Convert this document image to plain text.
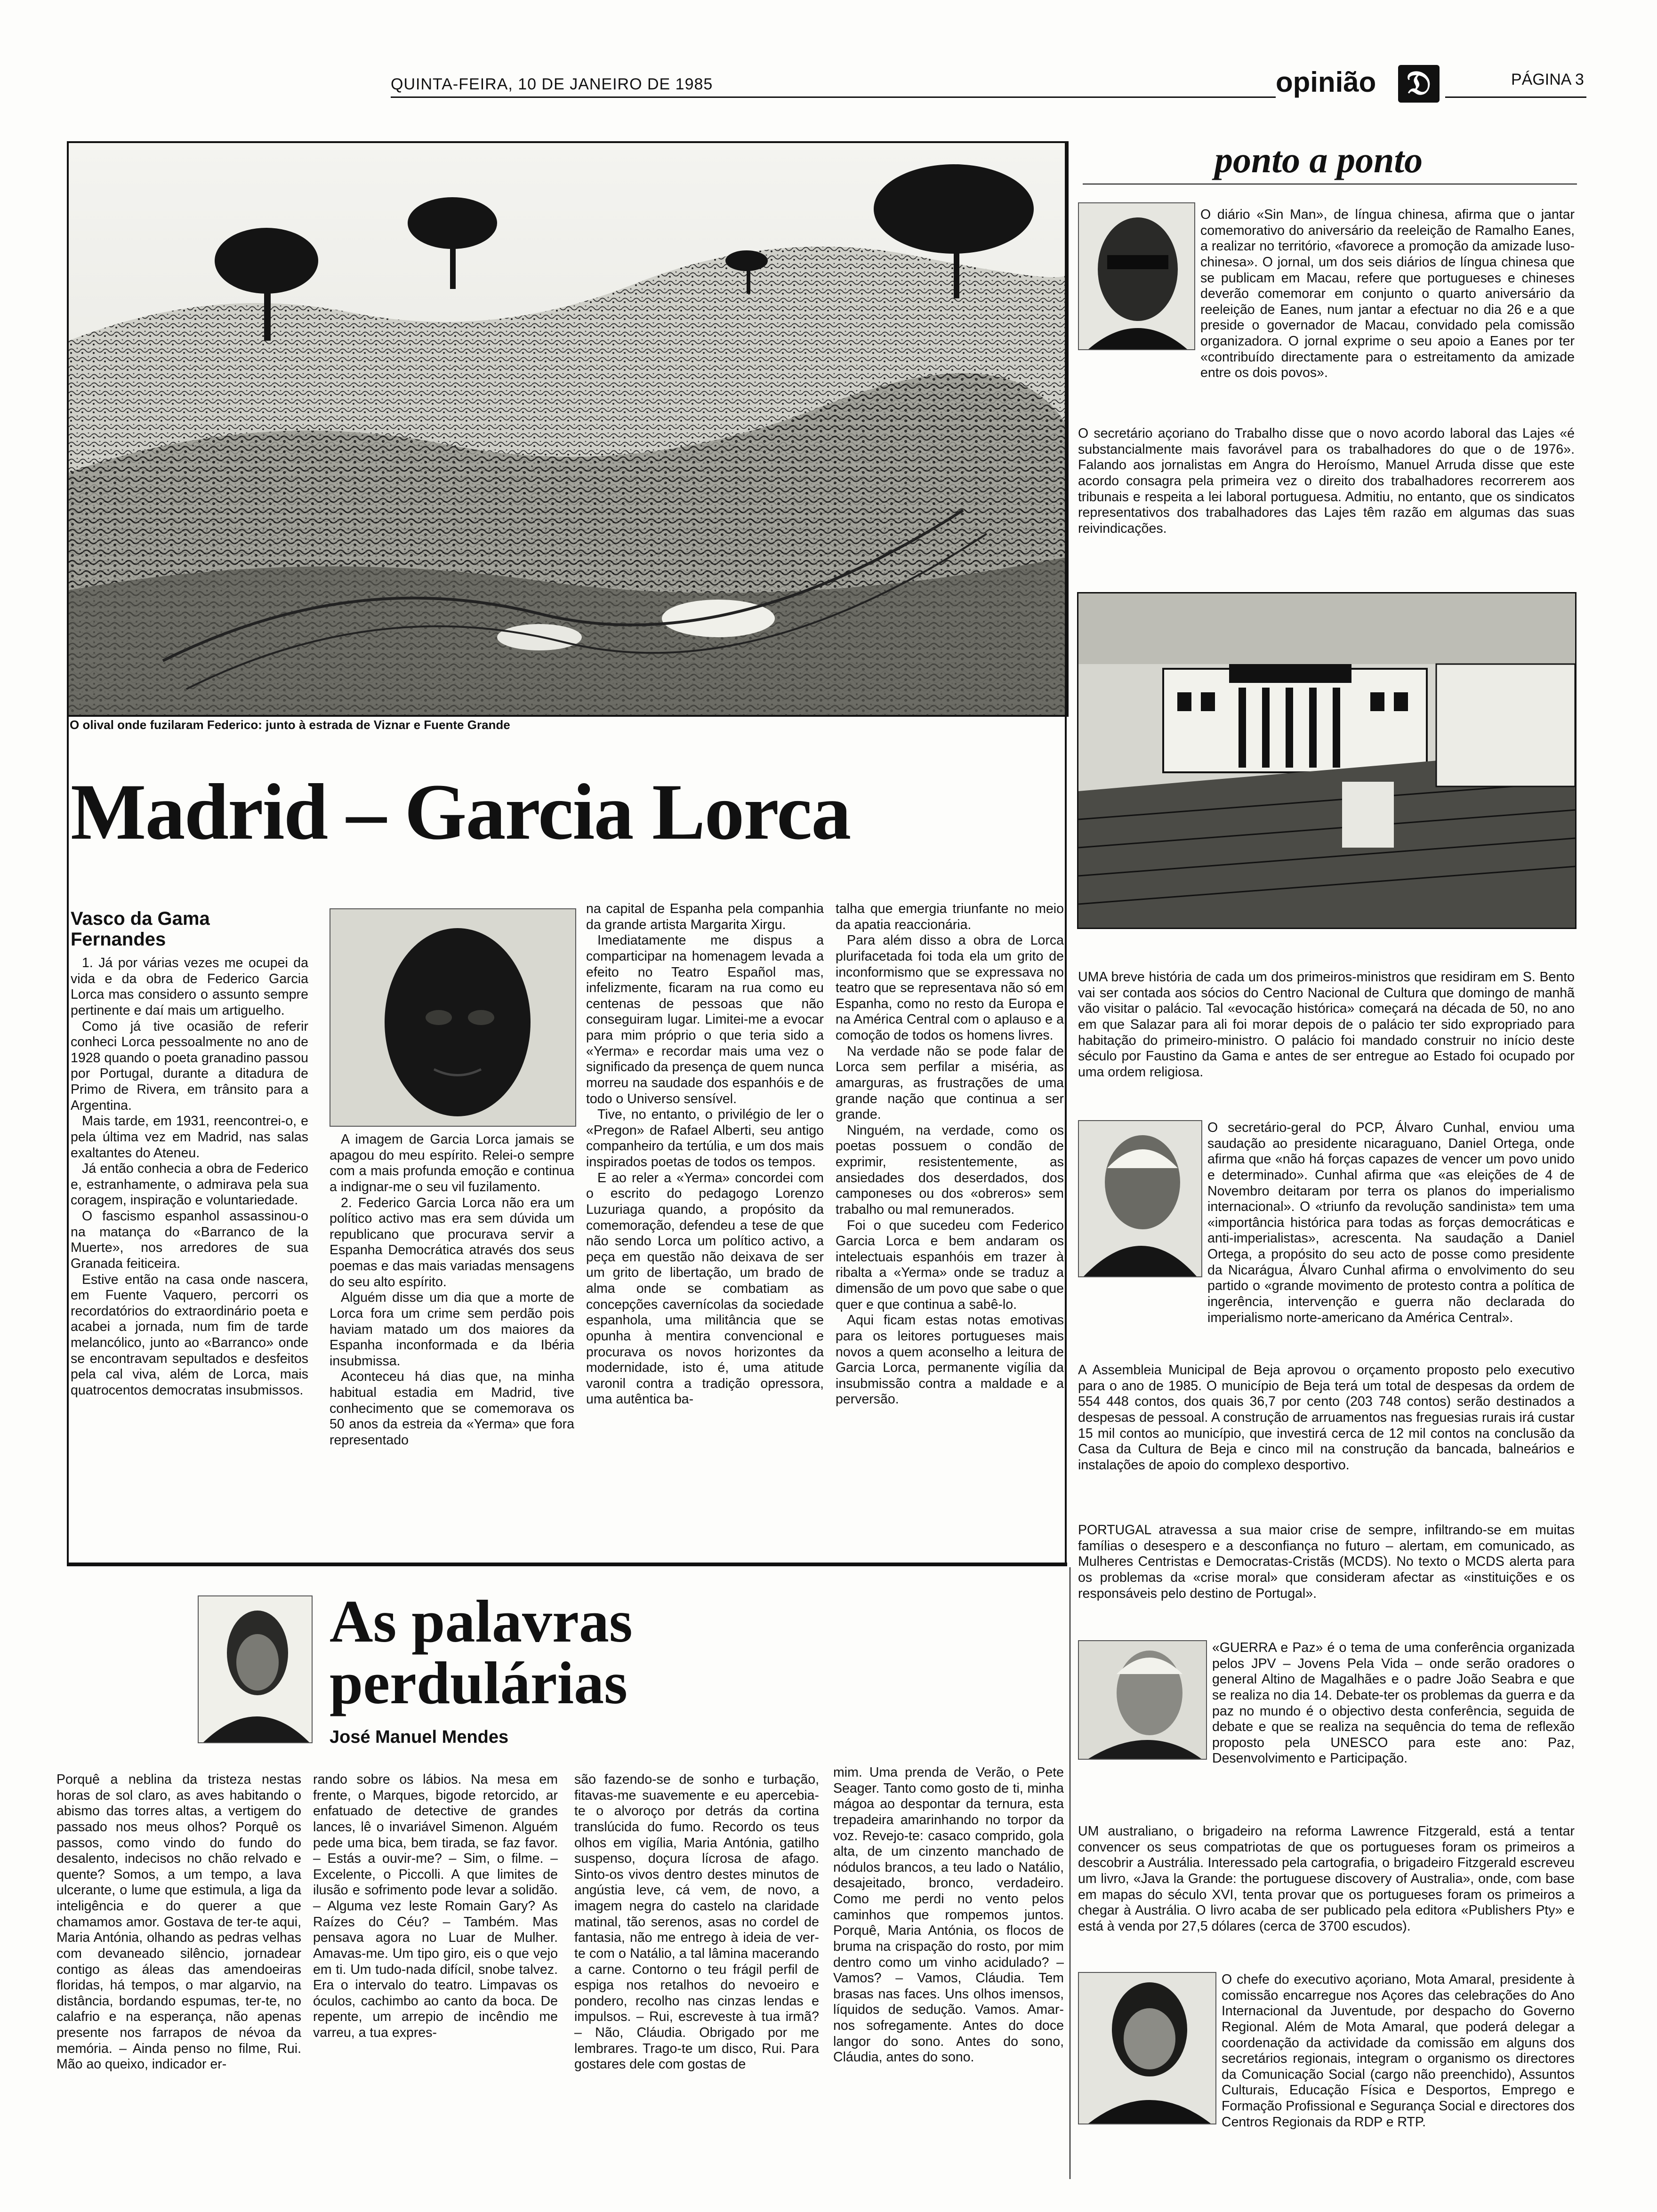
QUINTA-FEIRA, 10 DE JANEIRO DE 1985	opinião 𝔇	PÁGINA 3
O olival onde fuzilaram Federico: junto à estrada de Viznar e Fuente Grande
Madrid – Garcia Lorca
Vasco da Gama Fernandes

1. Já por várias vezes me ocupei da vida e da obra de Federico Garcia Lorca mas considero o assunto sempre pertinente e daí mais um artiguelho.

Como já tive ocasião de referir conheci Lorca pessoalmente no ano de 1928 quando o poeta granadino passou por Portugal, durante a ditadura de Primo de Rivera, em trânsito para a Argentina.

Mais tarde, em 1931, reencontrei-o, e pela última vez em Madrid, nas salas exaltantes do Ateneu.

Já então conhecia a obra de Federico e, estranhamente, o admirava pela sua coragem, inspiração e voluntariedade.

O fascismo espanhol assassinou-o na matança do «Barranco de la Muerte», nos arredores de sua Granada feiticeira.

Estive então na casa onde nascera, em Fuente Vaquero, percorri os recordatórios do extraordinário poeta e acabei a jornada, num fim de tarde melancólico, junto ao «Barranco» onde se encontravam sepultados e desfeitos pela cal viva, além de Lorca, mais quatrocentos democratas insubmissos.

A imagem de Garcia Lorca jamais se apagou do meu espírito. Relei-o sempre com a mais profunda emoção e continua a indignar-me o seu vil fuzilamento.

2. Federico Garcia Lorca não era um político activo mas era sem dúvida um republicano que procurava servir a Espanha Democrática através dos seus poemas e das mais variadas mensagens do seu alto espírito.

Alguém disse um dia que a morte de Lorca fora um crime sem perdão pois haviam matado um dos maiores da Espanha inconformada e da Ibéria insubmissa.

Aconteceu há dias que, na minha habitual estadia em Madrid, tive conhecimento que se comemorava os 50 anos da estreia da «Yerma» que fora representado

na capital de Espanha pela companhia da grande artista Margarita Xirgu.

Imediatamente me dispus a comparticipar na homenagem levada a efeito no Teatro Español mas, infelizmente, ficaram na rua como eu centenas de pessoas que não conseguiram lugar. Limitei-me a evocar para mim próprio o que teria sido a «Yerma» e recordar mais uma vez o significado da presença de quem nunca morreu na saudade dos espanhóis e de todo o Universo sensível.

Tive, no entanto, o privilégio de ler o «Pregon» de Rafael Alberti, seu antigo companheiro da tertúlia, e um dos mais inspirados poetas de todos os tempos.

E ao reler a «Yerma» concordei com o escrito do pedagogo Lorenzo Luzuriaga quando, a propósito da comemoração, defendeu a tese de que não sendo Lorca um político activo, a peça em questão não deixava de ser um grito de libertação, um brado de alma onde se combatiam as concepções cavernícolas da sociedade espanhola, uma militância que se opunha à mentira convencional e procurava os novos horizontes da modernidade, isto é, uma atitude varonil contra a tradição opressora, uma autêntica ba-

talha que emergia triunfante no meio da apatia reaccionária.

Para além disso a obra de Lorca plurifacetada foi toda ela um grito de inconformismo que se expressava no teatro que se representava não só em Espanha, como no resto da Europa e na América Central com o aplauso e a comoção de todos os homens livres.

Na verdade não se pode falar de Lorca sem perfilar a miséria, as amarguras, as frustrações de uma grande nação que continua a ser grande.

Ninguém, na verdade, como os poetas possuem o condão de exprimir, resistentemente, as ansiedades dos deserdados, dos camponeses ou dos «obreros» sem trabalho ou mal remunerados.

Foi o que sucedeu com Federico Garcia Lorca e bem andaram os intelectuais espanhóis em trazer à ribalta a «Yerma» onde se traduz a dimensão de um povo que sabe o que quer e que continua a sabê-lo.

Aqui ficam estas notas emotivas para os leitores portugueses mais novos a quem aconselho a leitura de Garcia Lorca, permanente vigília da insubmissão contra a maldade e a perversão.

ponto a ponto
O diário «Sin Man», de língua chinesa, afirma que o jantar comemorativo do aniversário da reeleição de Ramalho Eanes, a realizar no território, «favorece a promoção da amizade luso-chinesa». O jornal, um dos seis diários de língua chinesa que se publicam em Macau, refere que portugueses e chineses deverão comemorar em conjunto o quarto aniversário da reeleição de Eanes, num jantar a efectuar no dia 26 e a que preside o governador de Macau, convidado pela comissão organizadora. O jornal exprime o seu apoio a Eanes por ter «contribuído directamente para o estreitamento da amizade entre os dois povos».
O secretário açoriano do Trabalho disse que o novo acordo laboral das Lajes «é substancialmente mais favorável para os trabalhadores do que o de 1976». Falando aos jornalistas em Angra do Heroísmo, Manuel Arruda disse que este acordo consagra pela primeira vez o direito dos trabalhadores recorrerem aos tribunais e respeita a lei laboral portuguesa. Admitiu, no entanto, que os sindicatos representativos dos trabalhadores das Lajes têm razão em algumas das suas reivindicações.
UMA breve história de cada um dos primeiros-ministros que residiram em S. Bento vai ser contada aos sócios do Centro Nacional de Cultura que domingo de manhã vão visitar o palácio. Tal «evocação histórica» começará na década de 50, no ano em que Salazar para ali foi morar depois de o palácio ter sido expropriado para habitação do primeiro-ministro. O palácio foi mandado construir no início deste século por Faustino da Gama e antes de ser entregue ao Estado foi ocupado por uma ordem religiosa.
O secretário-geral do PCP, Álvaro Cunhal, enviou uma saudação ao presidente nicaraguano, Daniel Ortega, onde afirma que «não há forças capazes de vencer um povo unido e determinado». Cunhal afirma que «as eleições de 4 de Novembro deitaram por terra os planos do imperialismo internacional». O «triunfo da revolução sandinista» tem uma «importância histórica para todas as forças democráticas e anti-imperialistas», acrescenta. Na saudação a Daniel Ortega, a propósito do seu acto de posse como presidente da Nicarágua, Álvaro Cunhal afirma o envolvimento do seu partido o «grande movimento de protesto contra a política de ingerência, intervenção e guerra não declarada do imperialismo norte-americano da América Central».
A Assembleia Municipal de Beja aprovou o orçamento proposto pelo executivo para o ano de 1985. O município de Beja terá um total de despesas da ordem de 554 448 contos, dos quais 36,7 por cento (203 748 contos) serão destinados a despesas de pessoal. A construção de arruamentos nas freguesias rurais irá custar 15 mil contos ao município, que investirá cerca de 12 mil contos na conclusão da Casa da Cultura de Beja e cinco mil na construção da bancada, balneários e instalações de apoio do complexo desportivo.
PORTUGAL atravessa a sua maior crise de sempre, infiltrando-se em muitas famílias o desespero e a desconfiança no futuro – alertam, em comunicado, as Mulheres Centristas e Democratas-Cristãs (MCDS). No texto o MCDS alerta para os problemas da «crise moral» que consideram afectar as «instituições e os responsáveis pelo destino de Portugal».
«GUERRA e Paz» é o tema de uma conferência organizada pelos JPV – Jovens Pela Vida – onde serão oradores o general Altino de Magalhães e o padre João Seabra e que se realiza no dia 14. Debate-ter os problemas da guerra e da paz no mundo é o objectivo desta conferência, seguida de debate e que se realiza na sequência do tema de reflexão proposto pela UNESCO para este ano: Paz, Desenvolvimento e Participação.
UM australiano, o brigadeiro na reforma Lawrence Fitzgerald, está a tentar convencer os seus compatriotas de que os portugueses foram os primeiros a descobrir a Austrália. Interessado pela cartografia, o brigadeiro Fitzgerald escreveu um livro, «Java la Grande: the portuguese discovery of Australia», onde, com base em mapas do século XVI, tenta provar que os portugueses foram os primeiros a chegar à Austrália. O livro acaba de ser publicado pela editora «Publishers Pty» e está à venda por 27,5 dólares (cerca de 3700 escudos).
O chefe do executivo açoriano, Mota Amaral, presidente à comissão encarregue nos Açores das celebrações do Ano Internacional da Juventude, por despacho do Governo Regional. Além de Mota Amaral, que poderá delegar a coordenação da actividade da comissão em alguns dos secretários regionais, integram o organismo os directores da Comunicação Social (cargo não preenchido), Assuntos Culturais, Educação Física e Desportos, Emprego e Formação Profissional e Segurança Social e directores dos Centros Regionais da RDP e RTP.
As palavras
perdulárias
José Manuel Mendes
Porquê a neblina da tristeza nestas horas de sol claro, as aves habitando o abismo das torres altas, a vertigem do passado nos meus olhos? Porquê os passos, como vindo do fundo do desalento, indecisos no chão relvado e quente? Somos, a um tempo, a lava ulcerante, o lume que estimula, a liga da inteligência e do querer a que chamamos amor. Gostava de ter-te aqui, Maria Antónia, olhando as pedras velhas com devaneado silêncio, jornadear contigo as áleas das amendoeiras floridas, há tempos, o mar algarvio, na distância, bordando espumas, ter-te, no calafrio e na esperança, não apenas presente nos farrapos de névoa da memória. – Ainda penso no filme, Rui. Mão ao queixo, indicador er-
rando sobre os lábios. Na mesa em frente, o Marques, bigode retorcido, ar enfatuado de detective de grandes lances, lê o invariável Simenon. Alguém pede uma bica, bem tirada, se faz favor. – Estás a ouvir-me? – Sim, o filme. – Excelente, o Piccolli. A que limites de ilusão e sofrimento pode levar a solidão. – Alguma vez leste Romain Gary? As Raízes do Céu? – Também. Mas pensava agora no Luar de Mulher. Amavas-me. Um tipo giro, eis o que vejo em ti. Um tudo-nada difícil, snobe talvez. Era o intervalo do teatro. Limpavas os óculos, cachimbo ao canto da boca. De repente, um arrepio de incêndio me varreu, a tua expres-
são fazendo-se de sonho e turbação, fitavas-me suavemente e eu apercebia-te o alvoroço por detrás da cortina translúcida do fumo. Recordo os teus olhos em vigília, Maria Antónia, gatilho suspenso, doçura lícrosa de afago. Sinto-os vivos dentro destes minutos de angústia leve, cá vem, de novo, a imagem negra do castelo na claridade matinal, tão serenos, asas no cordel de fantasia, não me entrego à ideia de ver-te com o Natálio, a tal lâmina macerando a carne. Contorno o teu frágil perfil de espiga nos retalhos do nevoeiro e pondero, recolho nas cinzas lendas e impulsos. – Rui, escreveste à tua irmã? – Não, Cláudia. Obrigado por me lembrares. Trago-te um disco, Rui. Para gostares dele com gostas de
mim. Uma prenda de Verão, o Pete Seager. Tanto como gosto de ti, minha mágoa ao despontar da ternura, esta trepadeira amarinhando no torpor da voz. Revejo-te: casaco comprido, gola alta, de um cinzento manchado de nódulos brancos, a teu lado o Natálio, desajeitado, bronco, verdadeiro. Como me perdi no vento pelos caminhos que rompemos juntos. Porquê, Maria Antónia, os flocos de bruma na crispação do rosto, por mim dentro como um vinho acidulado? – Vamos? – Vamos, Cláudia. Tem brasas nas faces. Uns olhos imensos, líquidos de sedução. Vamos. Amar-nos sofregamente. Antes do doce langor do sono. Antes do sono, Cláudia, antes do sono.
